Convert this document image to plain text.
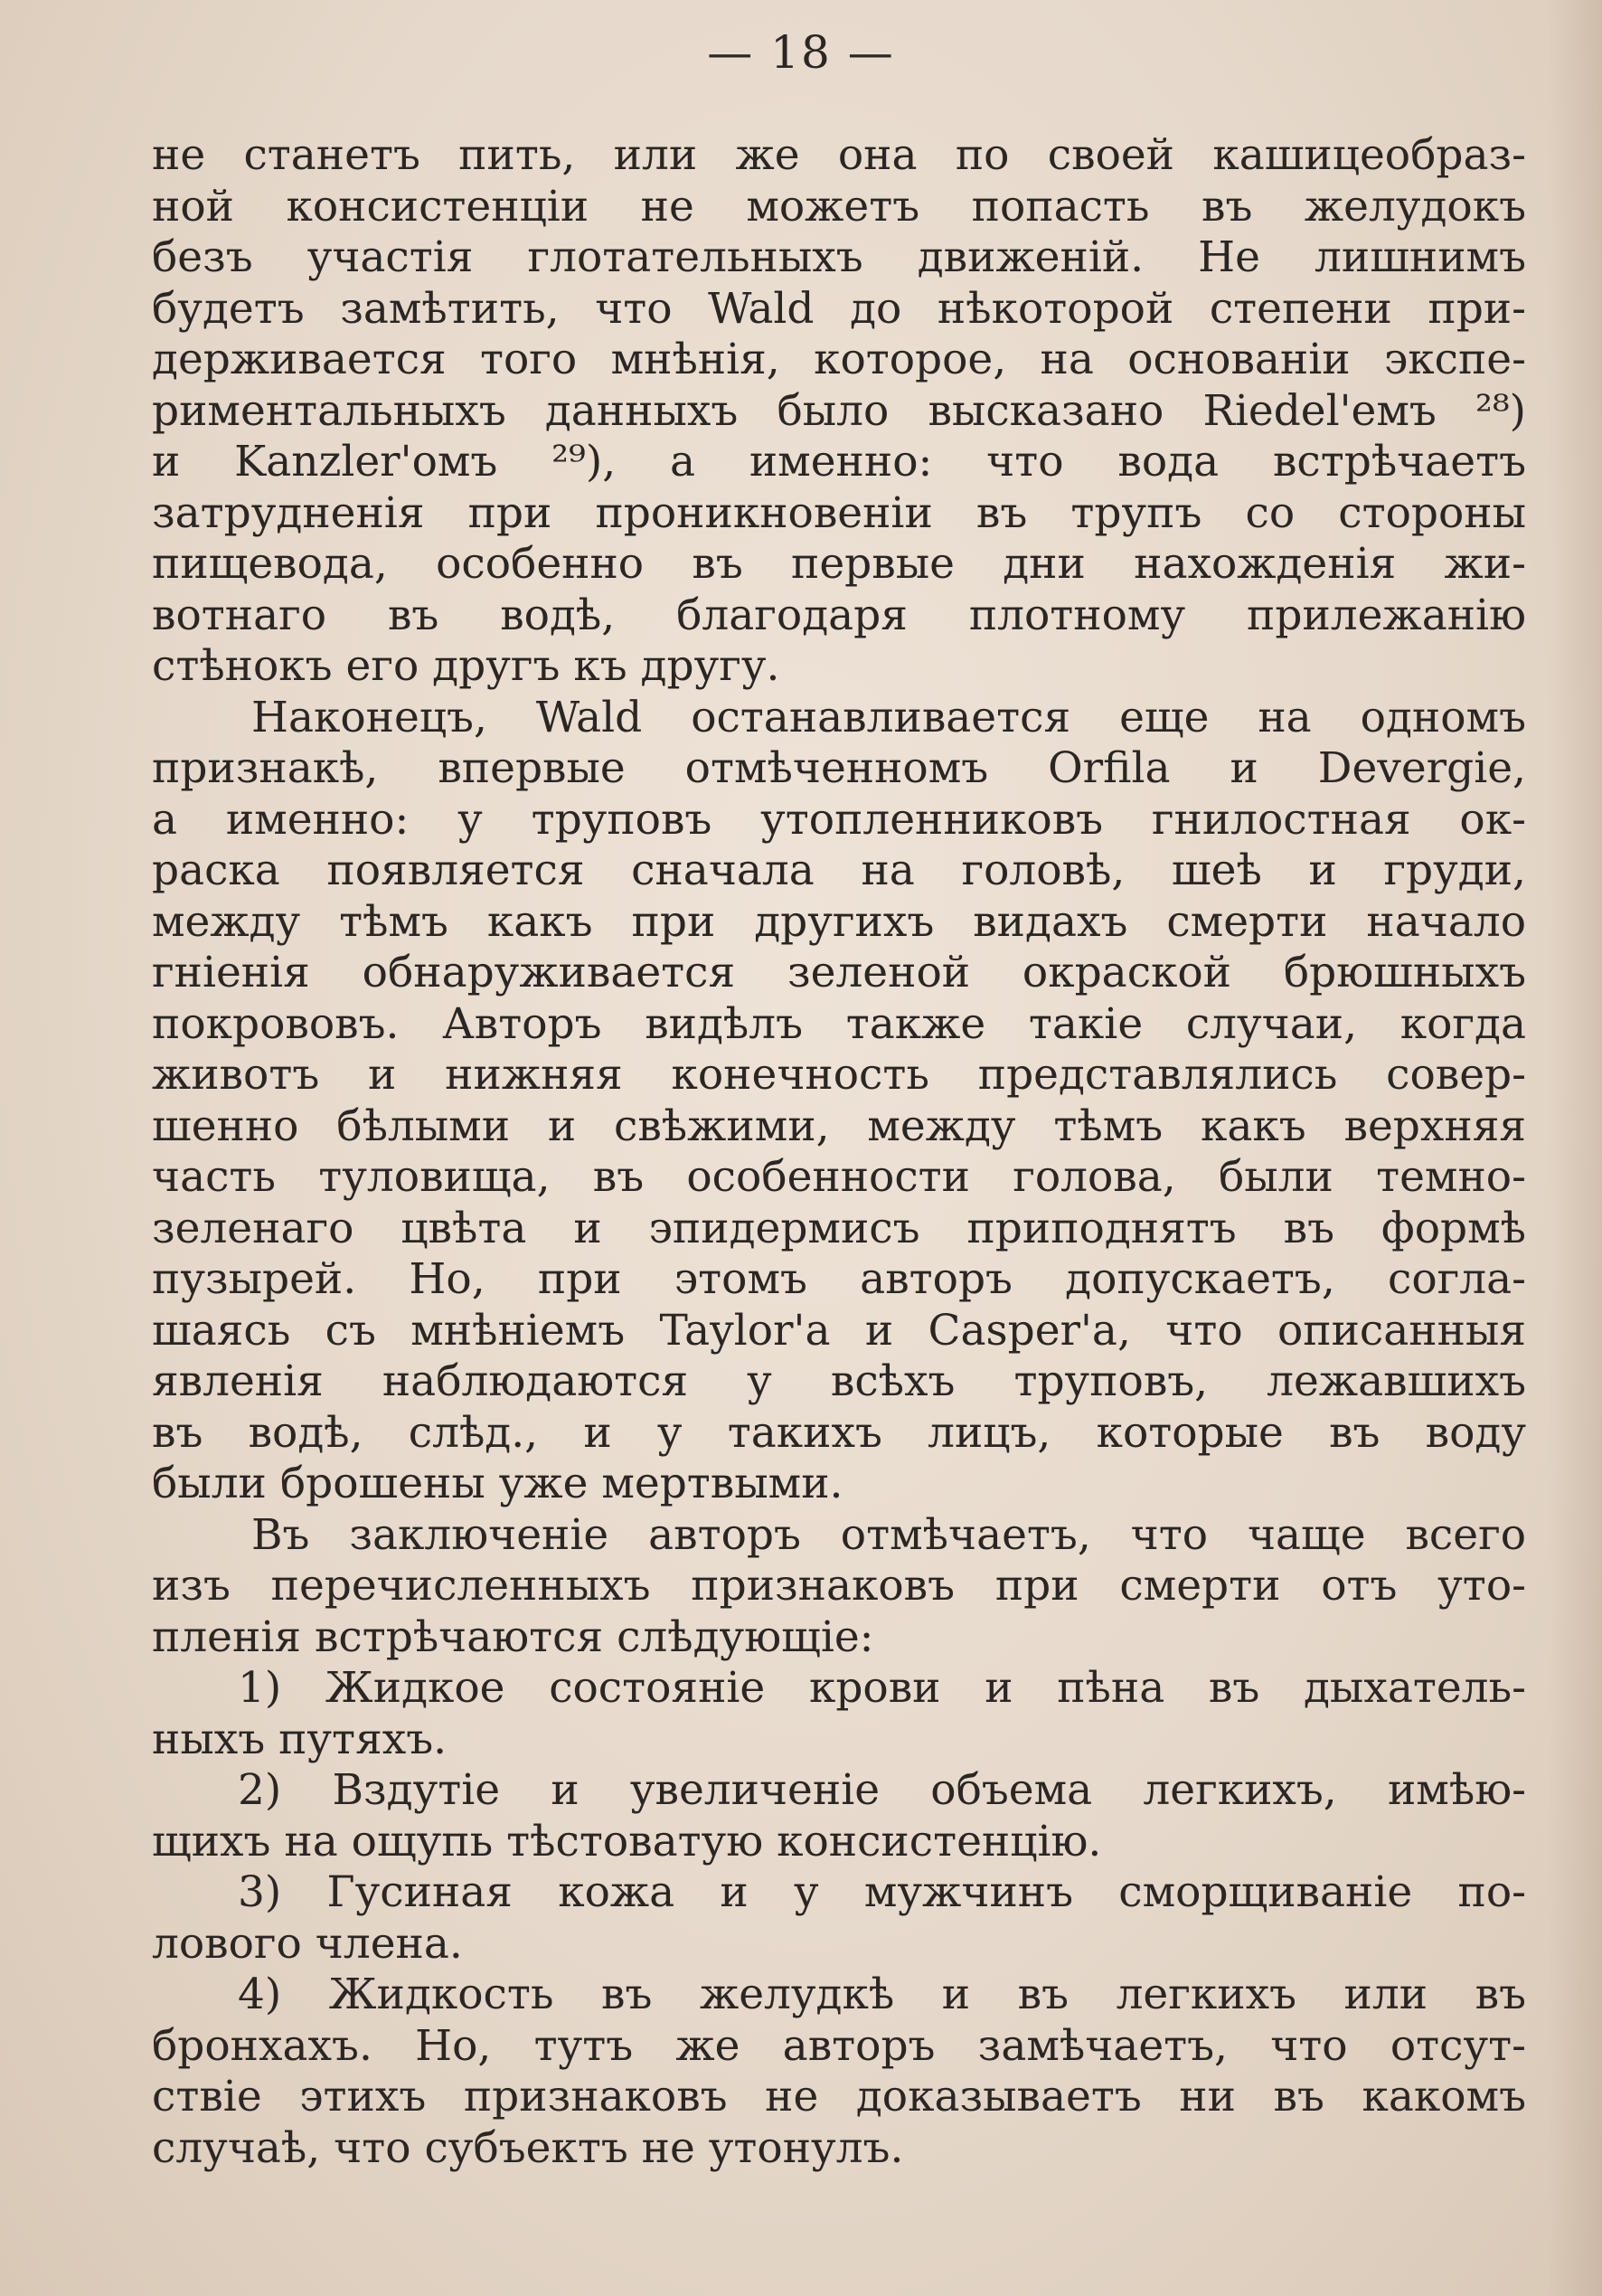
— 18 —
не станетъ пить, или же она по своей кашицеобраз-
ной консистенціи не можетъ попасть въ желудокъ
безъ участія глотательныхъ движеній. Не лишнимъ
будетъ замѣтить, что Wald до нѣкоторой степени при-
держивается того мнѣнія, которое, на основаніи экспе-
риментальныхъ данныхъ было высказано Riedel'емъ ²⁸)
и Kanzler'омъ ²⁹), а именно: что вода встрѣчаетъ
затрудненія при проникновеніи въ трупъ со стороны
пищевода, особенно въ первые дни нахожденія жи-
вотнаго въ водѣ, благодаря плотному прилежанію
стѣнокъ его другъ къ другу.
Наконецъ, Wald останавливается еще на одномъ
признакѣ, впервые отмѣченномъ Orfila и Devergie,
а именно: у труповъ утопленниковъ гнилостная ок-
раска появляется сначала на головѣ, шеѣ и груди,
между тѣмъ какъ при другихъ видахъ смерти начало
гніенія обнаруживается зеленой окраской брюшныхъ
покрововъ. Авторъ видѣлъ также такіе случаи, когда
животъ и нижняя конечность представлялись совер-
шенно бѣлыми и свѣжими, между тѣмъ какъ верхняя
часть туловища, въ особенности голова, были темно-
зеленаго цвѣта и эпидермисъ приподнятъ въ формѣ
пузырей. Но, при этомъ авторъ допускаетъ, согла-
шаясь съ мнѣніемъ Taylor'а и Casper'а, что описанныя
явленія наблюдаются у всѣхъ труповъ, лежавшихъ
въ водѣ, слѣд., и у такихъ лицъ, которые въ воду
были брошены уже мертвыми.
Въ заключеніе авторъ отмѣчаетъ, что чаще всего
изъ перечисленныхъ признаковъ при смерти отъ уто-
пленія встрѣчаются слѣдующіе:
1) Жидкое состояніе крови и пѣна въ дыхатель-
ныхъ путяхъ.
2) Вздутіе и увеличеніе объема легкихъ, имѣю-
щихъ на ощупь тѣстоватую консистенцію.
3) Гусиная кожа и у мужчинъ сморщиваніе по-
лового члена.
4) Жидкость въ желудкѣ и въ легкихъ или въ
бронхахъ. Но, тутъ же авторъ замѣчаетъ, что отсут-
ствіе этихъ признаковъ не доказываетъ ни въ какомъ
случаѣ, что субъектъ не утонулъ.
